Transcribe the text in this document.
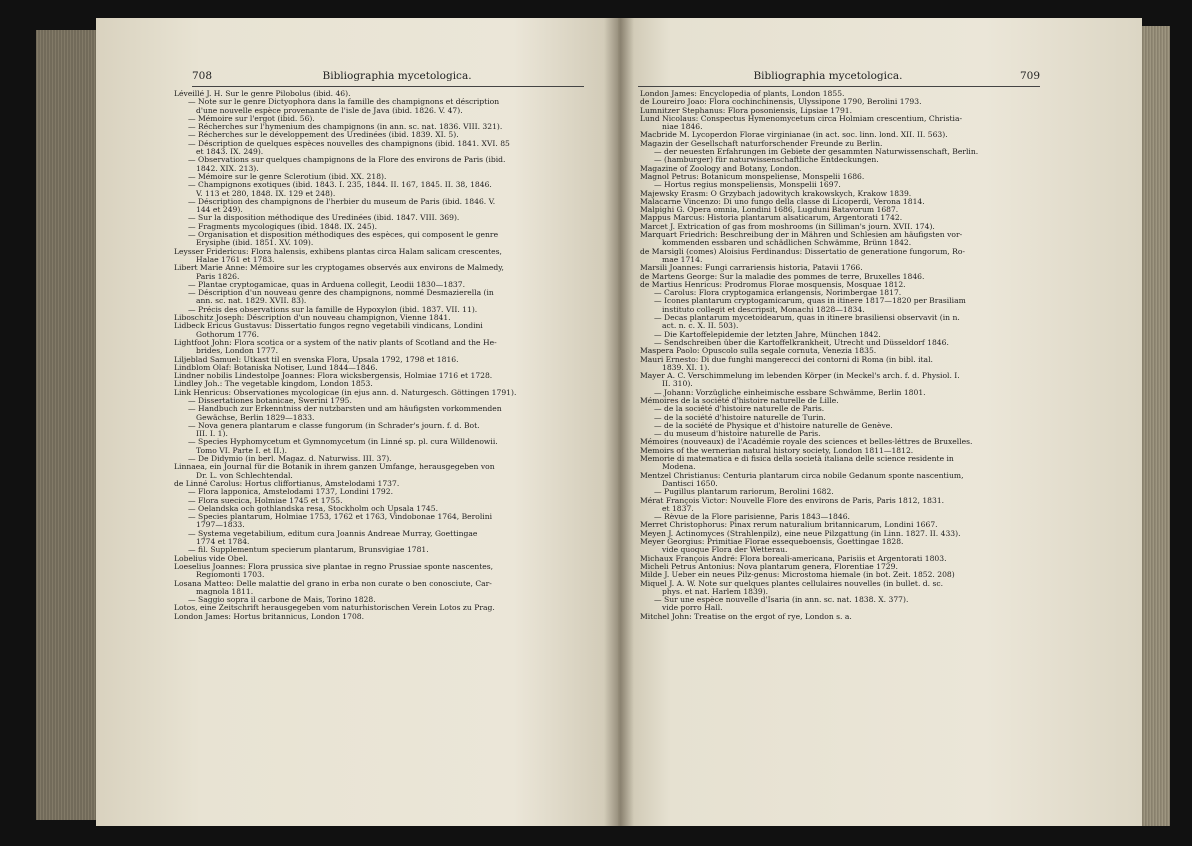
708	Bibliographia mycetologica.
Léveillé J. H. Sur le genre Pilobolus (ibid. 46).
— Note sur le genre Dictyophora dans la famille des champignons et déscription
d'une nouvelle espèce provenante de l'isle de Java (ibid. 1826. V. 47).
— Mémoire sur l'ergot (ibid. 56).
— Récherches sur l'hymenium des champignons (in ann. sc. nat. 1836. VIII. 321).
— Récherches sur le développement des Uredinées (ibid. 1839. XI. 5).
— Déscription de quelques espèces nouvelles des champignons (ibid. 1841. XVI. 85
et 1843. IX. 249).
— Observations sur quelques champignons de la Flore des environs de Paris (ibid.
1842. XIX. 213).
— Mémoire sur le genre Sclerotium (ibid. XX. 218).
— Champignons exotiques (ibid. 1843. I. 235, 1844. II. 167, 1845. II. 38, 1846.
V. 113 et 280, 1848. IX. 129 et 248).
— Déscription des champignons de l'herbier du museum de Paris (ibid. 1846. V.
144 et 249).
— Sur la disposition méthodique des Uredinées (ibid. 1847. VIII. 369).
— Fragments mycologiques (ibid. 1848. IX. 245).
— Organisation et disposition méthodiques des espèces, qui composent le genre
Erysiphe (ibid. 1851. XV. 109).
Leysser Fridericus: Flora halensis, exhibens plantas circa Halam salicam crescentes,
Halae 1761 et 1783.
Libert Marie Anne: Mémoire sur les cryptogames observés aux environs de Malmedy,
Paris 1826.
— Plantae cryptogamicae, quas in Arduena collegit, Leodii 1830—1837.
— Déscription d'un nouveau genre des champignons, nommé Desmazierella (in
ann. sc. nat. 1829. XVII. 83).
— Précis des observations sur la famille de Hypoxylon (ibid. 1837. VII. 11).
Liboschitz Joseph: Déscription d'un nouveau champignon, Vienne 1841.
Lidbeck Ericus Gustavus: Dissertatio fungos regno vegetabili vindicans, Londini
Gothorum 1776.
Lightfoot John: Flora scotica or a system of the nativ plants of Scotland and the He-
brides, London 1777.
Liljeblad Samuel: Utkast til en svenska Flora, Upsala 1792, 1798 et 1816.
Lindblom Olaf: Botaniska Notiser, Lund 1844—1846.
Lindner nobilis Lindestolpe Joannes: Flora wicksbergensis, Holmiae 1716 et 1728.
Lindley Joh.: The vegetable kingdom, London 1853.
Link Henricus: Observationes mycologicae (in ejus ann. d. Naturgesch. Göttingen 1791).
— Dissertationes botanicae, Swerini 1795.
— Handbuch zur Erkenntniss der nutzbarsten und am häufigsten vorkommenden
Gewächse, Berlin 1829—1833.
— Nova genera plantarum e classe fungorum (in Schrader's journ. f. d. Bot.
III. I. 1).
— Species Hyphomycetum et Gymnomycetum (in Linné sp. pl. cura Willdenowii.
Tomo VI. Parte I. et II.).
— De Didymio (in berl. Magaz. d. Naturwiss. III. 37).
Linnaea, ein Journal für die Botanik in ihrem ganzen Umfange, herausgegeben von
Dr. L. von Schlechtendal.
de Linné Carolus: Hortus cliffortianus, Amstelodami 1737.
— Flora lapponica, Amstelodami 1737, Londini 1792.
— Flora suecica, Holmiae 1745 et 1755.
— Oelandska och gothlandska resa, Stockholm och Upsala 1745.
— Species plantarum, Holmiae 1753, 1762 et 1763, Vindobonae 1764, Berolini
1797—1833.
— Systema vegetabilium, editum cura Joannis Andreae Murray, Goettingae
1774 et 1784.
— fil. Supplementum specierum plantarum, Brunsvigiae 1781.
Lobelius vide Obel.
Loeselius Joannes: Flora prussica sive plantae in regno Prussiae sponte nascentes,
Regiomonti 1703.
Losana Matteo: Delle malattie del grano in erba non curate o ben conosciute, Car-
magnola 1811.
— Saggio sopra il carbone de Mais, Torino 1828.
Lotos, eine Zeitschrift herausgegeben vom naturhistorischen Verein Lotos zu Prag.
London James: Hortus britannicus, London 1708.
Bibliographia mycetologica.	709
London James: Encyclopedia of plants, London 1855.
de Loureiro Joao: Flora cochinchinensis, Ulyssipone 1790, Berolini 1793.
Lumnitzer Stephanus: Flora posoniensis, Lipsiae 1791.
Lund Nicolaus: Conspectus Hymenomycetum circa Holmiam crescentium, Christia-
niae 1846.
Macbride M. Lycoperdon Florae virginianae (in act. soc. linn. lond. XII. II. 563).
Magazin der Gesellschaft naturforschender Freunde zu Berlin.
— der neuesten Erfahrungen im Gebiete der gesammten Naturwissenschaft, Berlin.
— (hamburger) für naturwissenschaftliche Entdeckungen.
Magazine of Zoology and Botany, London.
Magnol Petrus: Botanicum monspeliense, Monspelii 1686.
— Hortus regius monspeliensis, Monspelii 1697.
Majewsky Erasm: O Grzybach jadowitych krakowskych, Krakow 1839.
Malacarne Vincenzo: Di uno fungo della classe di Licoperdi, Verona 1814.
Malpighi G. Opera omnia, Londini 1686, Lugduni Batavorum 1687.
Mappus Marcus: Historia plantarum alsaticarum, Argentorati 1742.
Marcet J. Extrication of gas from moshrooms (in Silliman's journ. XVII. 174).
Marquart Friedrich: Beschreibung der in Mähren und Schlesien am häufigsten vor-
kommenden essbaren und schädlichen Schwämme, Brünn 1842.
de Marsigli (comes) Aloisius Ferdinandus: Dissertatio de generatione fungorum, Ro-
mae 1714.
Marsili Joannes: Fungi carrariensis historia, Patavii 1766.
de Martens George: Sur la maladie des pommes de terre, Bruxelles 1846.
de Martius Henricus: Prodromus Florae mosquensis, Mosquae 1812.
— Carolus: Flora cryptogamica erlangensis, Norimbergae 1817.
— Icones plantarum cryptogamicarum, quas in itinere 1817—1820 per Brasiliam
instituto collegit et descripsit, Monachi 1828—1834.
— Decas plantarum mycetoidearum, quas in itinere brasiliensi observavit (in n.
act. n. c. X. II. 503).
— Die Kartoffelepidemie der letzten Jahre, München 1842.
— Sendschreiben über die Kartoffelkrankheit, Utrecht und Düsseldorf 1846.
Maspera Paolo: Opuscolo sulla segale cornuta, Venezia 1835.
Mauri Ernesto: Di due funghi mangerecci dei contorni di Roma (in bibl. ital.
1839. XI. 1).
Mayer A. C. Verschimmelung im lebenden Körper (in Meckel's arch. f. d. Physiol. I.
II. 310).
— Johann: Vorzügliche einheimische essbare Schwämme, Berlin 1801.
Mémoires de la société d'histoire naturelle de Lille.
— de la société d'histoire naturelle de Paris.
— de la société d'histoire naturelle de Turin.
— de la société de Physique et d'histoire naturelle de Genève.
— du museum d'histoire naturelle de Paris.
Mémoires (nouveaux) de l'Académie royale des sciences et belles-léttres de Bruxelles.
Memoirs of the wernerian natural history society, London 1811—1812.
Memorie di matematica e di fisica della società italiana delle science residente in
Modena.
Mentzel Christianus: Centuria plantarum circa nobile Gedanum sponte nascentium,
Dantisci 1650.
— Pugillus plantarum rariorum, Berolini 1682.
Mérat François Victor: Nouvelle Flore des environs de Paris, Paris 1812, 1831.
et 1837.
— Rèvue de la Flore parisienne, Paris 1843—1846.
Merret Christophorus: Pinax rerum naturalium britannicarum, Londini 1667.
Meyen J. Actinomyces (Strahlenpilz), eine neue Pilzgattung (in Linn. 1827. II. 433).
Meyer Georgius: Primitiae Florae essequeboensis, Goettingae 1828.
vide quoque Flora der Wetterau.
Michaux François André: Flora boreali-americana, Parisiis et Argentorati 1803.
Micheli Petrus Antonius: Nova plantarum genera, Florentiae 1729.
Milde J. Ueber ein neues Pilz-genus: Microstoma hiemale (in bot. Zeit. 1852. 208)
Miquel J. A. W. Note sur quelques plantes cellulaires nouvelles (in bullet. d. sc.
phys. et nat. Harlem 1839).
— Sur une espèce nouvelle d'Isaria (in ann. sc. nat. 1838. X. 377).
vide porro Hall.
Mitchel John: Treatise on the ergot of rye, London s. a.
